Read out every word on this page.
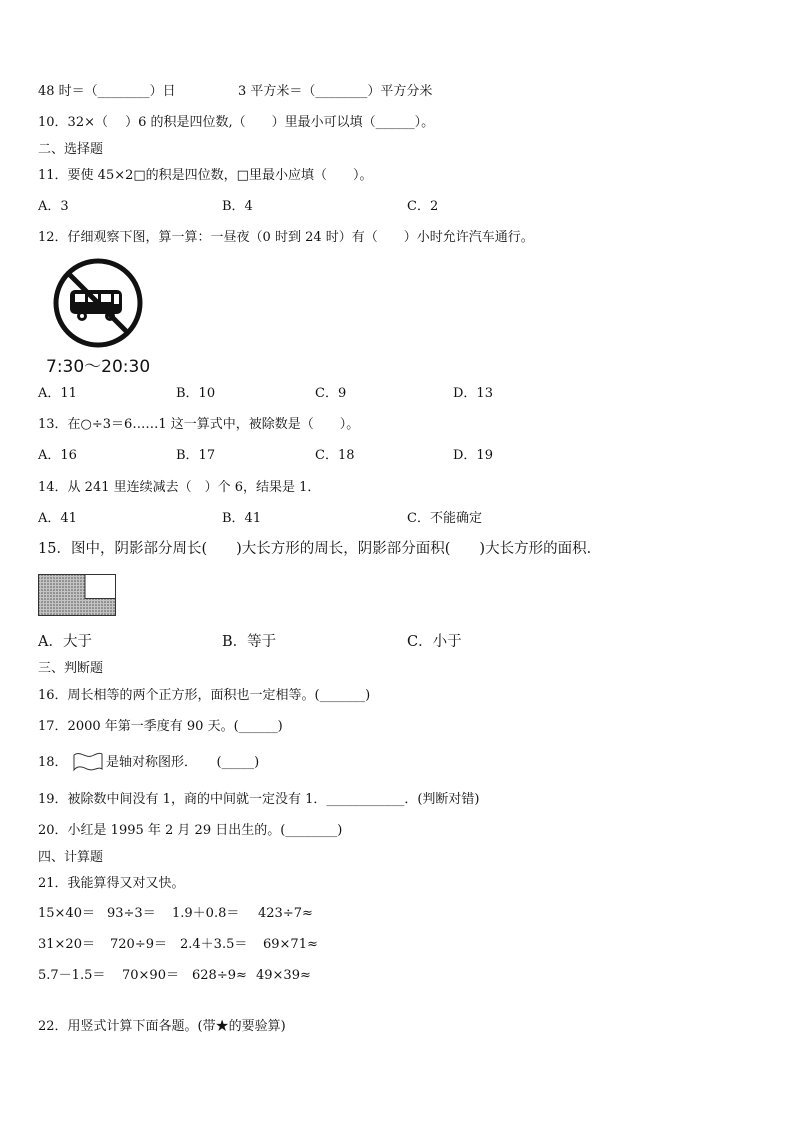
48 时＝（________）日	3 平方米＝（________）平方分米
10．32×（　 ）6 的积是四位数,（　　）里最小可以填（______）。
二、选择题
11．要使 45×2□的积是四位数，□里最小应填（　　）。
A．3	B．4	C．2
12．仔细观察下图，算一算：一昼夜（0 时到 24 时）有（　　）小时允许汽车通行。
7:30～20:30
A．11	B．10	C．9	D．13
13．在○÷3＝6……1 这一算式中，被除数是（　　）。
A．16	B．17	C．18	D．19
14．从 241 里连续减去（　）个 6，结果是 1．
A．41	B．41	C．不能确定
15．图中，阴影部分周长(　　)大长方形的周长，阴影部分面积(　　)大长方形的面积．
A．大于	B．等于	C．小于
三、判断题
16．周长相等的两个正方形，面积也一定相等。(_______)
17．2000 年第一季度有 90 天。(______)
18．	是轴对称图形．　　(_____)
19．被除数中间没有 1，商的中间就一定没有 1．____________．(判断对错)
20．小红是 1995 年 2 月 29 日出生的。(________)
四、计算题
21．我能算得又对又快。
15×40＝ 93÷3＝ 1.9＋0.8＝ 423÷7≈
31×20＝ 720÷9＝ 2.4＋3.5＝ 69×71≈
5.7－1.5＝ 70×90＝ 628÷9≈ 49×39≈
22．用竖式计算下面各题。(带★的要验算)
